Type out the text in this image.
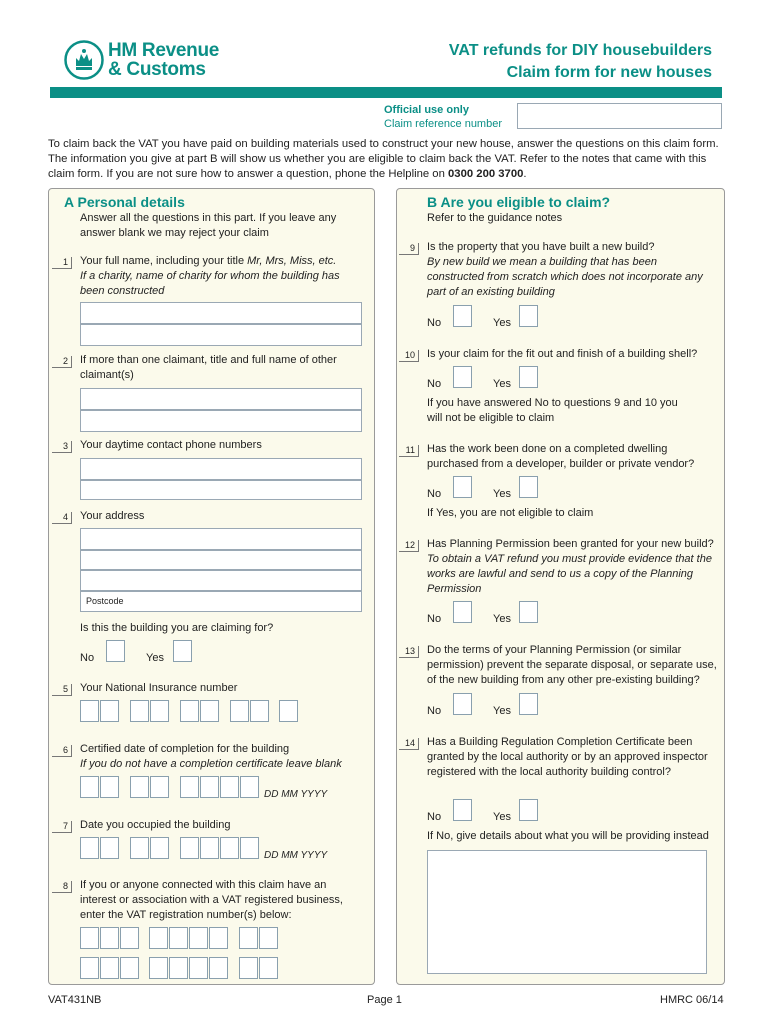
HM Revenue
& Customs
VAT refunds for DIY housebuilders
Claim form for new houses
Official use only
Claim reference number
To claim back the VAT you have paid on building materials used to construct your new house, answer the questions on this claim form. The information you give at part B will show us whether you are eligible to claim back the VAT. Refer to the notes that came with this claim form. If you are not sure how to answer a question, phone the Helpline on 0300 200 3700.
A Personal details
Answer all the questions in this part. If you leave any answer blank we may reject your claim
1	Your full name, including your title Mr, Mrs, Miss, etc.
If a charity, name of charity for whom the building has been constructed
2	If more than one claimant, title and full name of other claimant(s)
3	Your daytime contact phone numbers
4	Your address
Postcode
Is this the building you are claiming for?
No	Yes
5	Your National Insurance number
6	Certified date of completion for the building
If you do not have a completion certificate leave blank
DD MM YYYY
7	Date you occupied the building
DD MM YYYY
8	If you or anyone connected with this claim have an interest or association with a VAT registered business, enter the VAT registration number(s) below:
B Are you eligible to claim?
Refer to the guidance notes
9	Is the property that you have built a new build?
By new build we mean a building that has been constructed from scratch which does not incorporate any part of an existing building
No	Yes
10	Is your claim for the fit out and finish of a building shell?
No	Yes
If you have answered No to questions 9 and 10 you will not be eligible to claim
11	Has the work been done on a completed dwelling purchased from a developer, builder or private vendor?
No	Yes
If Yes, you are not eligible to claim
12	Has Planning Permission been granted for your new build?
To obtain a VAT refund you must provide evidence that the works are lawful and send to us a copy of the Planning Permission
No	Yes
13	Do the terms of your Planning Permission (or similar permission) prevent the separate disposal, or separate use, of the new building from any other pre-existing building?
No	Yes
14	Has a Building Regulation Completion Certificate been granted by the local authority or by an approved inspector registered with the local authority building control?
No	Yes
If No, give details about what you will be providing instead
VAT431NB	Page 1	HMRC 06/14
